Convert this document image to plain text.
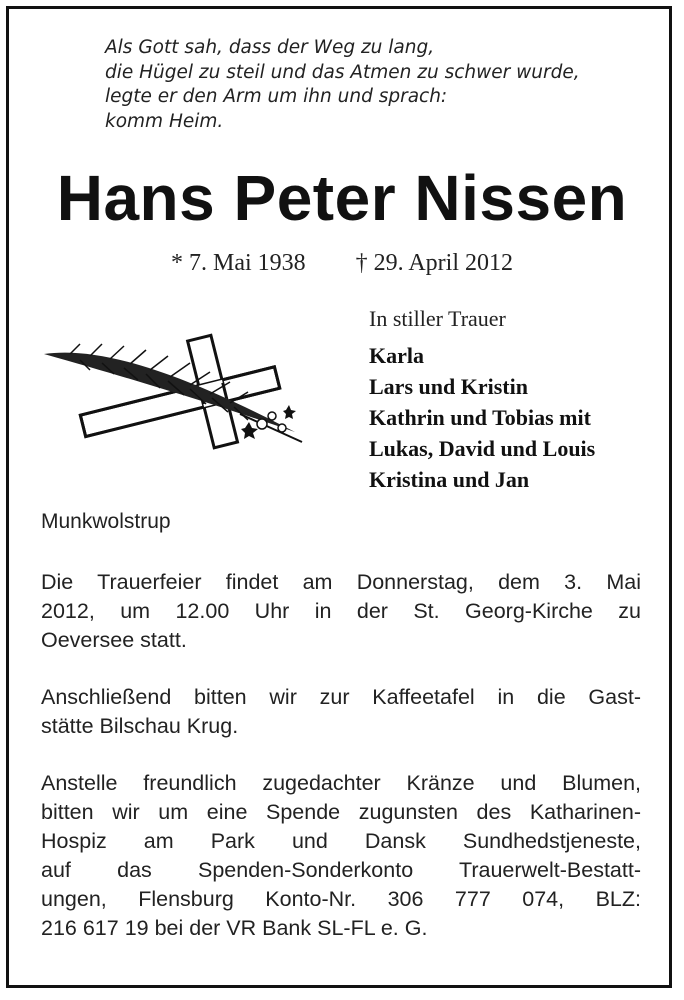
Als Gott sah, dass der Weg zu lang,
die Hügel zu steil und das Atmen zu schwer wurde,
legte er den Arm um ihn und sprach:
komm Heim.
Hans Peter Nissen
* 7. Mai 1938 † 29. April 2012
In stiller Trauer
Karla
Lars und Kristin
Kathrin und Tobias mit
Lukas, David und Louis
Kristina und Jan
Munkwolstrup
Die Trauerfeier findet am Donnerstag, dem 3. Mai
2012, um 12.00 Uhr in der St. Georg-Kirche zu
Oeversee statt.
Anschließend bitten wir zur Kaffeetafel in die Gast-
stätte Bilschau Krug.
Anstelle freundlich zugedachter Kränze und Blumen,
bitten wir um eine Spende zugunsten des Katharinen-
Hospiz am Park und Dansk Sundhedstjeneste,
auf das Spenden-Sonderkonto Trauerwelt-Bestatt-
ungen, Flensburg Konto-Nr. 306 777 074, BLZ:
216 617 19 bei der VR Bank SL-FL e. G.
